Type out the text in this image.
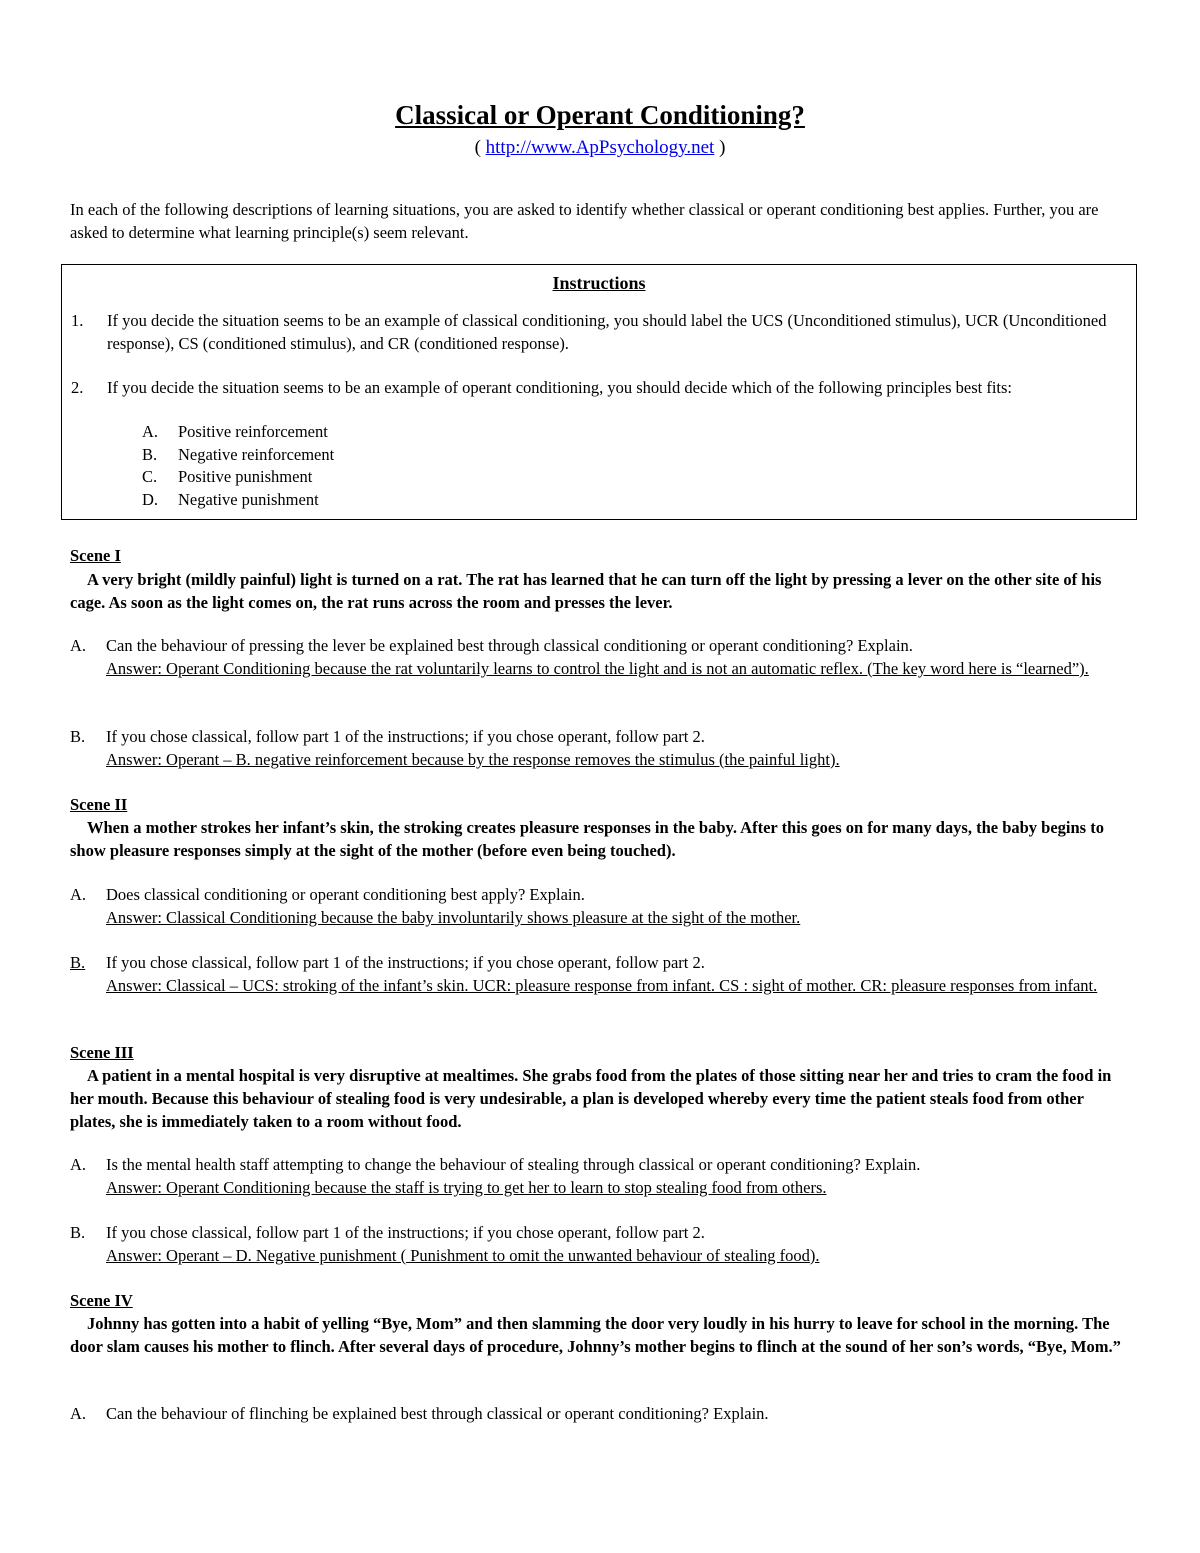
Classical or Operant Conditioning?
( http://www.ApPsychology.net )
In each of the following descriptions of learning situations, you are asked to identify whether classical or operant conditioning best applies. Further, you are asked to determine what learning principle(s) seem relevant.
Instructions
1. If you decide the situation seems to be an example of classical conditioning, you should label the UCS (Unconditioned stimulus), UCR (Unconditioned response), CS (conditioned stimulus), and CR (conditioned response).
2. If you decide the situation seems to be an example of operant conditioning, you should decide which of the following principles best fits:
A. Positive reinforcement
B. Negative reinforcement
C. Positive punishment
D. Negative punishment
Scene I
A very bright (mildly painful) light is turned on a rat. The rat has learned that he can turn off the light by pressing a lever on the other site of his cage. As soon as the light comes on, the rat runs across the room and presses the lever.
A. Can the behaviour of pressing the lever be explained best through classical conditioning or operant conditioning? Explain.
Answer: Operant Conditioning because the rat voluntarily learns to control the light and is not an automatic reflex. (The key word here is “learned”).
B. If you chose classical, follow part 1 of the instructions; if you chose operant, follow part 2.
Answer: Operant – B. negative reinforcement because by the response removes the stimulus (the painful light).
Scene II
When a mother strokes her infant’s skin, the stroking creates pleasure responses in the baby. After this goes on for many days, the baby begins to show pleasure responses simply at the sight of the mother (before even being touched).
A. Does classical conditioning or operant conditioning best apply? Explain.
Answer: Classical Conditioning because the baby involuntarily shows pleasure at the sight of the mother.
B. If you chose classical, follow part 1 of the instructions; if you chose operant, follow part 2.
Answer: Classical – UCS: stroking of the infant’s skin. UCR: pleasure response from infant. CS : sight of mother. CR: pleasure responses from infant.
Scene III
A patient in a mental hospital is very disruptive at mealtimes. She grabs food from the plates of those sitting near her and tries to cram the food in her mouth. Because this behaviour of stealing food is very undesirable, a plan is developed whereby every time the patient steals food from other plates, she is immediately taken to a room without food.
A. Is the mental health staff attempting to change the behaviour of stealing through classical or operant conditioning? Explain.
Answer: Operant Conditioning because the staff is trying to get her to learn to stop stealing food from others.
B. If you chose classical, follow part 1 of the instructions; if you chose operant, follow part 2.
Answer: Operant – D. Negative punishment ( Punishment to omit the unwanted behaviour of stealing food).
Scene IV
Johnny has gotten into a habit of yelling “Bye, Mom” and then slamming the door very loudly in his hurry to leave for school in the morning. The door slam causes his mother to flinch. After several days of procedure, Johnny’s mother begins to flinch at the sound of her son’s words, “Bye, Mom.”
A. Can the behaviour of flinching be explained best through classical or operant conditioning? Explain.
